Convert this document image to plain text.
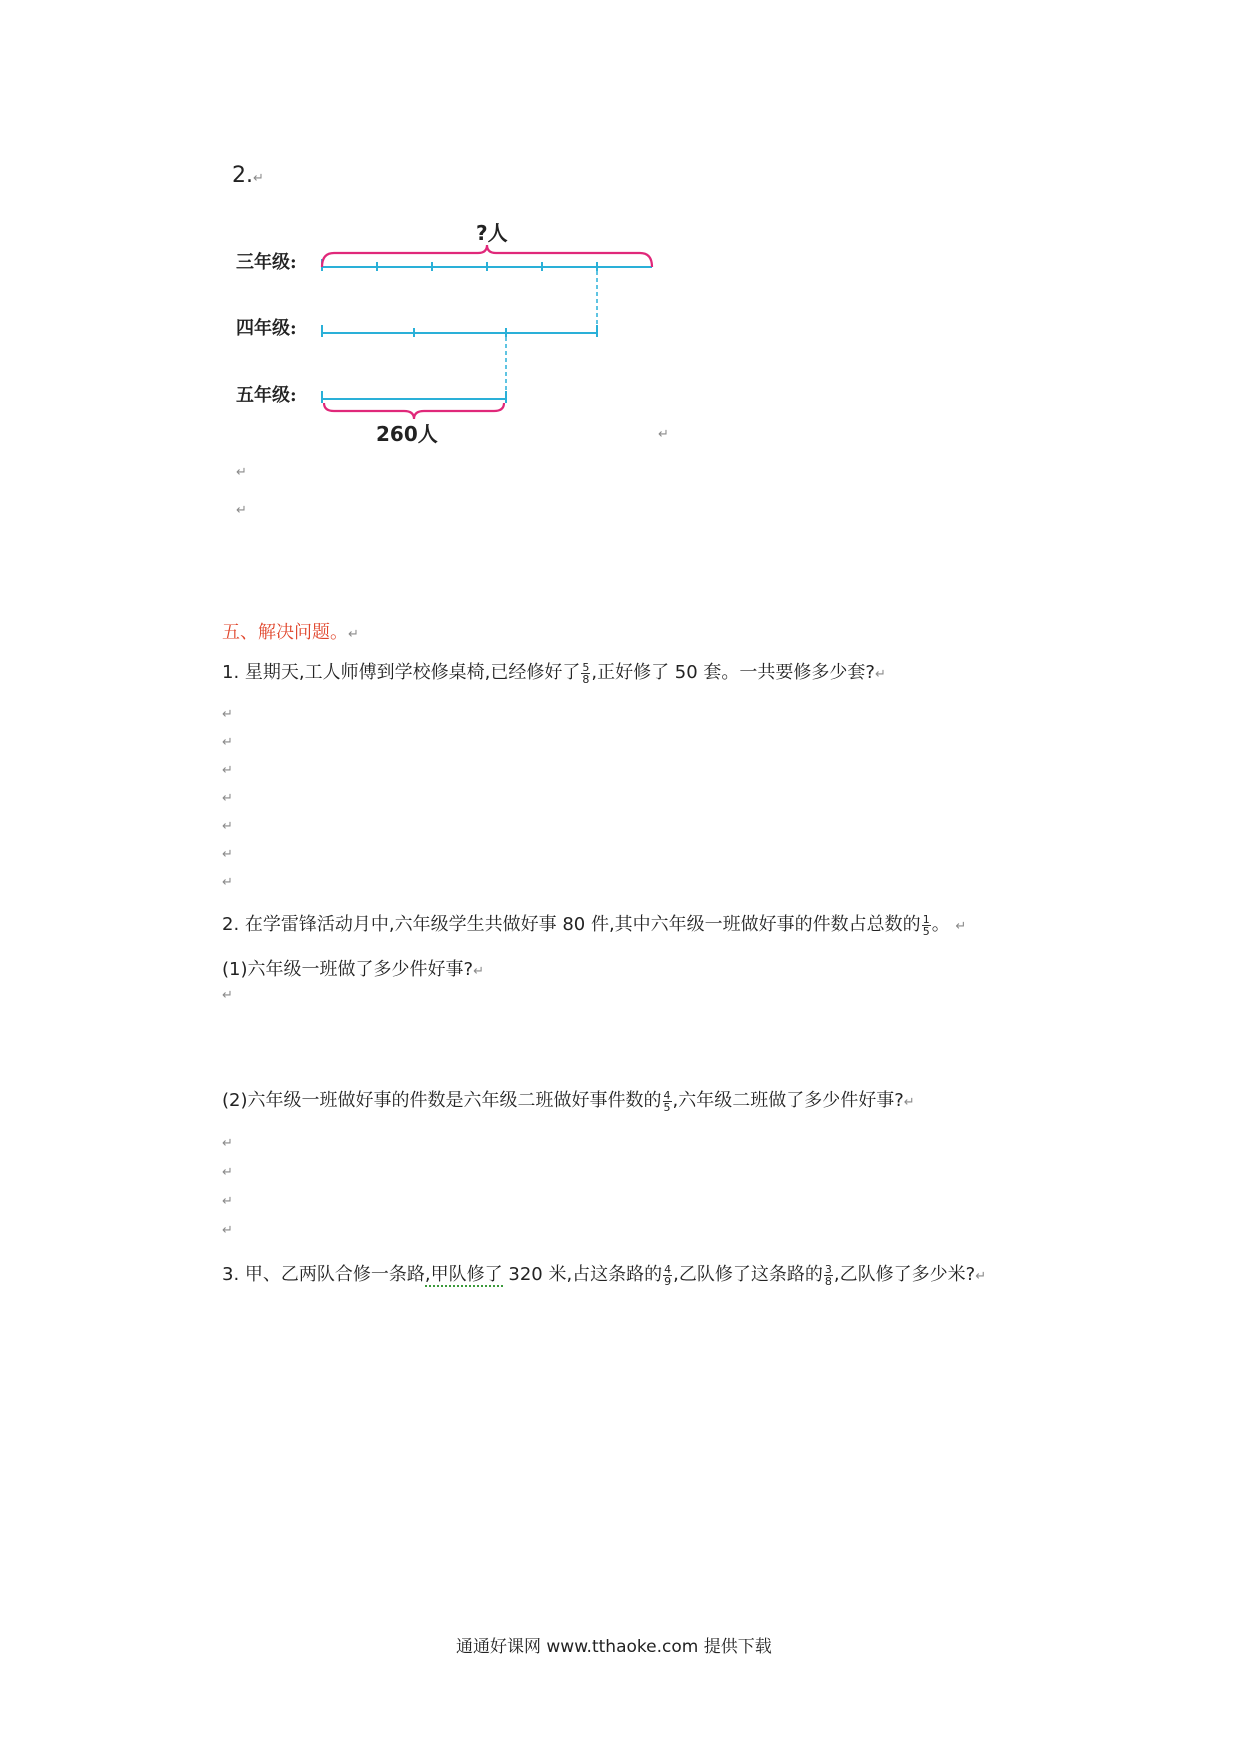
2.↵
三年级:
四年级:
五年级:
?人
260人	↵
↵
↵
五、解决问题。↵
1. 星期天,工人师傅到学校修桌椅,已经修好了 $\frac{5}{8}$ ,正好修了 50 套。一共要修多少套?↵
↵
↵
↵
↵
↵
↵
↵
2. 在学雷锋活动月中,六年级学生共做好事 80 件,其中六年级一班做好事的件数占总数的 $\frac{1}{5}$ 。 ↵
(1)六年级一班做了多少件好事?↵
↵
(2)六年级一班做好事的件数是六年级二班做好事件数的 $\frac{4}{5}$ ,六年级二班做了多少件好事?↵
↵
↵
↵
↵
3. 甲、乙两队合修一条路,甲队修了 320 米,占这条路的 $\frac{4}{9}$ ,乙队修了这条路的 $\frac{3}{8}$ ,乙队修了多少米?↵
通通好课网 www.tthaoke.com 提供下载
